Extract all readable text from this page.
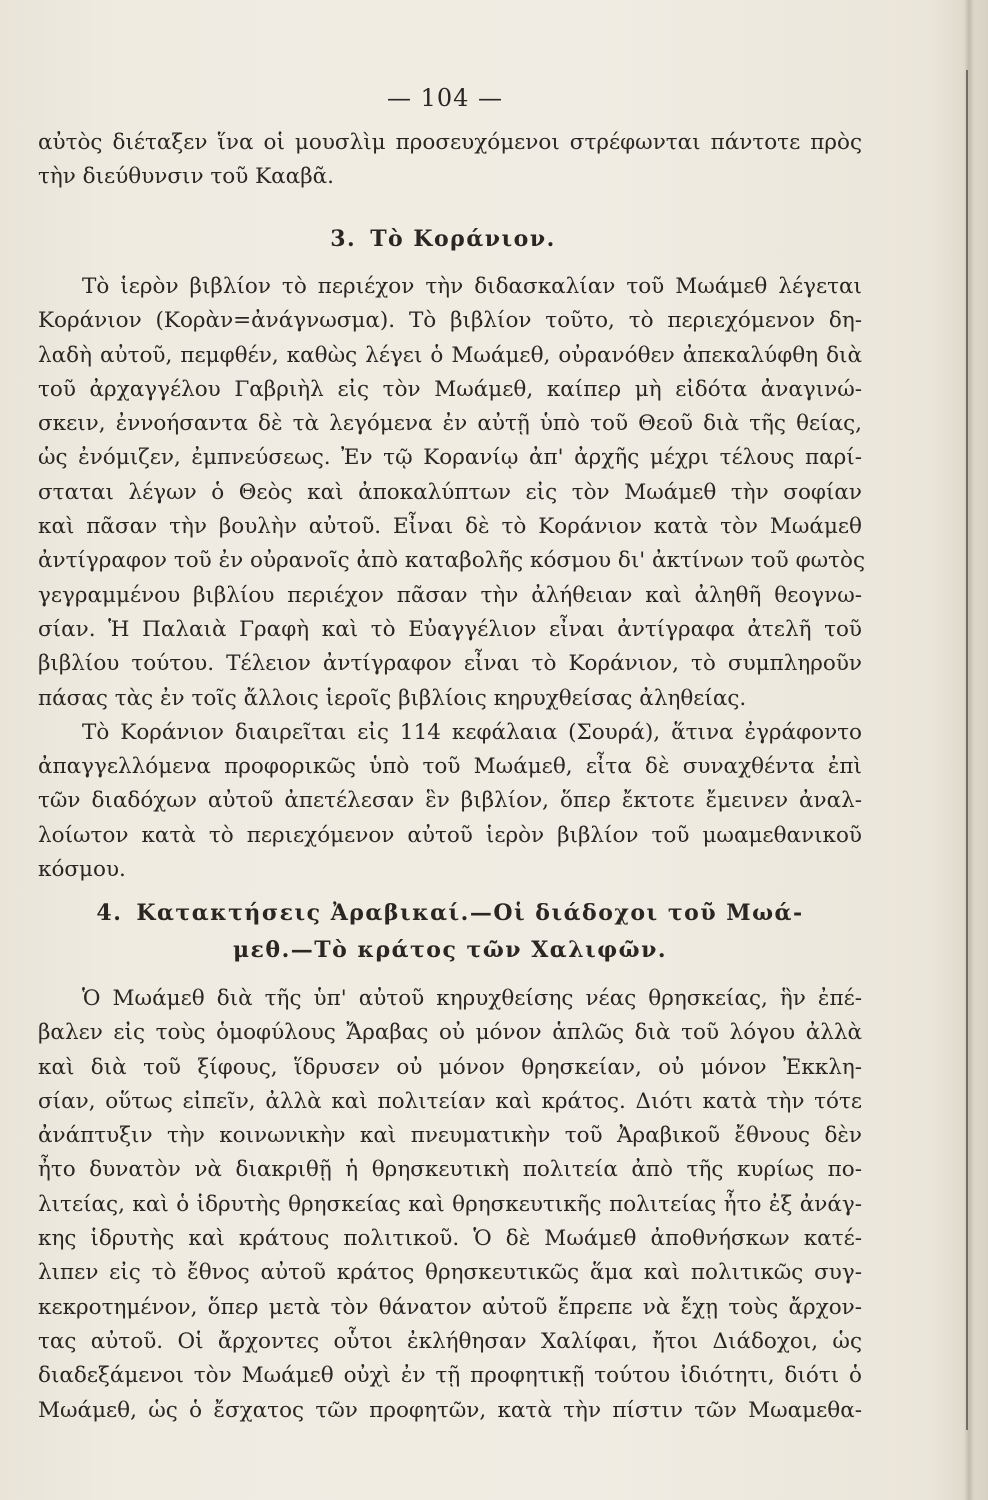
— 104 —
αὐτὸς διέταξεν ἵνα οἱ μουσλὶμ προσευχόμενοι στρέφωνται πάντοτε πρὸς
τὴν διεύθυνσιν τοῦ Κααβᾶ.
3. Τὸ Κοράνιον.
Τὸ ἱερὸν βιβλίον τὸ περιέχον τὴν διδασκαλίαν τοῦ Μωάμεθ λέγεται
Κοράνιον (Κορὰν=ἀνάγνωσμα). Τὸ βιβλίον τοῦτο, τὸ περιεχόμενον δη-
λαδὴ αὐτοῦ, πεμφθέν, καθὼς λέγει ὁ Μωάμεθ, οὐρανόθεν ἀπεκαλύφθη διὰ
τοῦ ἀρχαγγέλου Γαβριὴλ εἰς τὸν Μωάμεθ, καίπερ μὴ εἰδότα ἀναγινώ-
σκειν, ἐννοήσαντα δὲ τὰ λεγόμενα ἐν αὐτῇ ὑπὸ τοῦ Θεοῦ διὰ τῆς θείας,
ὡς ἐνόμιζεν, ἐμπνεύσεως. Ἐν τῷ Κορανίῳ ἀπ' ἀρχῆς μέχρι τέλους παρί-
σταται λέγων ὁ Θεὸς καὶ ἀποκαλύπτων εἰς τὸν Μωάμεθ τὴν σοφίαν
καὶ πᾶσαν τὴν βουλὴν αὐτοῦ. Εἶναι δὲ τὸ Κοράνιον κατὰ τὸν Μωάμεθ
ἀντίγραφον τοῦ ἐν οὐρανοῖς ἀπὸ καταβολῆς κόσμου δι' ἀκτίνων τοῦ φωτὸς
γεγραμμένου βιβλίου περιέχον πᾶσαν τὴν ἀλήθειαν καὶ ἀληθῆ θεογνω-
σίαν. Ἡ Παλαιὰ Γραφὴ καὶ τὸ Εὐαγγέλιον εἶναι ἀντίγραφα ἀτελῆ τοῦ
βιβλίου τούτου. Τέλειον ἀντίγραφον εἶναι τὸ Κοράνιον, τὸ συμπληροῦν
πάσας τὰς ἐν τοῖς ἄλλοις ἱεροῖς βιβλίοις κηρυχθείσας ἀληθείας.
Τὸ Κοράνιον διαιρεῖται εἰς 114 κεφάλαια (Σουρά), ἅτινα ἐγράφοντο
ἀπαγγελλόμενα προφορικῶς ὑπὸ τοῦ Μωάμεθ, εἶτα δὲ συναχθέντα ἐπὶ
τῶν διαδόχων αὐτοῦ ἀπετέλεσαν ἓν βιβλίον, ὅπερ ἔκτοτε ἔμεινεν ἀναλ-
λοίωτον κατὰ τὸ περιεχόμενον αὐτοῦ ἱερὸν βιβλίον τοῦ μωαμεθανικοῦ
κόσμου.
4. Κατακτήσεις Ἀραβικαί.—Οἱ διάδοχοι τοῦ Μωά-
μεθ.—Τὸ κράτος τῶν Χαλιφῶν.
Ὁ Μωάμεθ διὰ τῆς ὑπ' αὐτοῦ κηρυχθείσης νέας θρησκείας, ἣν ἐπέ-
βαλεν εἰς τοὺς ὁμοφύλους Ἄραβας οὐ μόνον ἁπλῶς διὰ τοῦ λόγου ἀλλὰ
καὶ διὰ τοῦ ξίφους, ἵδρυσεν οὐ μόνον θρησκείαν, οὐ μόνον Ἐκκλη-
σίαν, οὕτως εἰπεῖν, ἀλλὰ καὶ πολιτείαν καὶ κράτος. Διότι κατὰ τὴν τότε
ἀνάπτυξιν τὴν κοινωνικὴν καὶ πνευματικὴν τοῦ Ἀραβικοῦ ἔθνους δὲν
ἦτο δυνατὸν νὰ διακριθῇ ἡ θρησκευτικὴ πολιτεία ἀπὸ τῆς κυρίως πο-
λιτείας, καὶ ὁ ἱδρυτὴς θρησκείας καὶ θρησκευτικῆς πολιτείας ἦτο ἐξ ἀνάγ-
κης ἱδρυτὴς καὶ κράτους πολιτικοῦ. Ὁ δὲ Μωάμεθ ἀποθνήσκων κατέ-
λιπεν εἰς τὸ ἔθνος αὐτοῦ κράτος θρησκευτικῶς ἅμα καὶ πολιτικῶς συγ-
κεκροτημένον, ὅπερ μετὰ τὸν θάνατον αὐτοῦ ἔπρεπε νὰ ἔχῃ τοὺς ἄρχον-
τας αὐτοῦ. Οἱ ἄρχοντες οὗτοι ἐκλήθησαν Χαλίφαι, ἤτοι Διάδοχοι, ὡς
διαδεξάμενοι τὸν Μωάμεθ οὐχὶ ἐν τῇ προφητικῇ τούτου ἰδιότητι, διότι ὁ
Μωάμεθ, ὡς ὁ ἔσχατος τῶν προφητῶν, κατὰ τὴν πίστιν τῶν Μωαμεθα-
